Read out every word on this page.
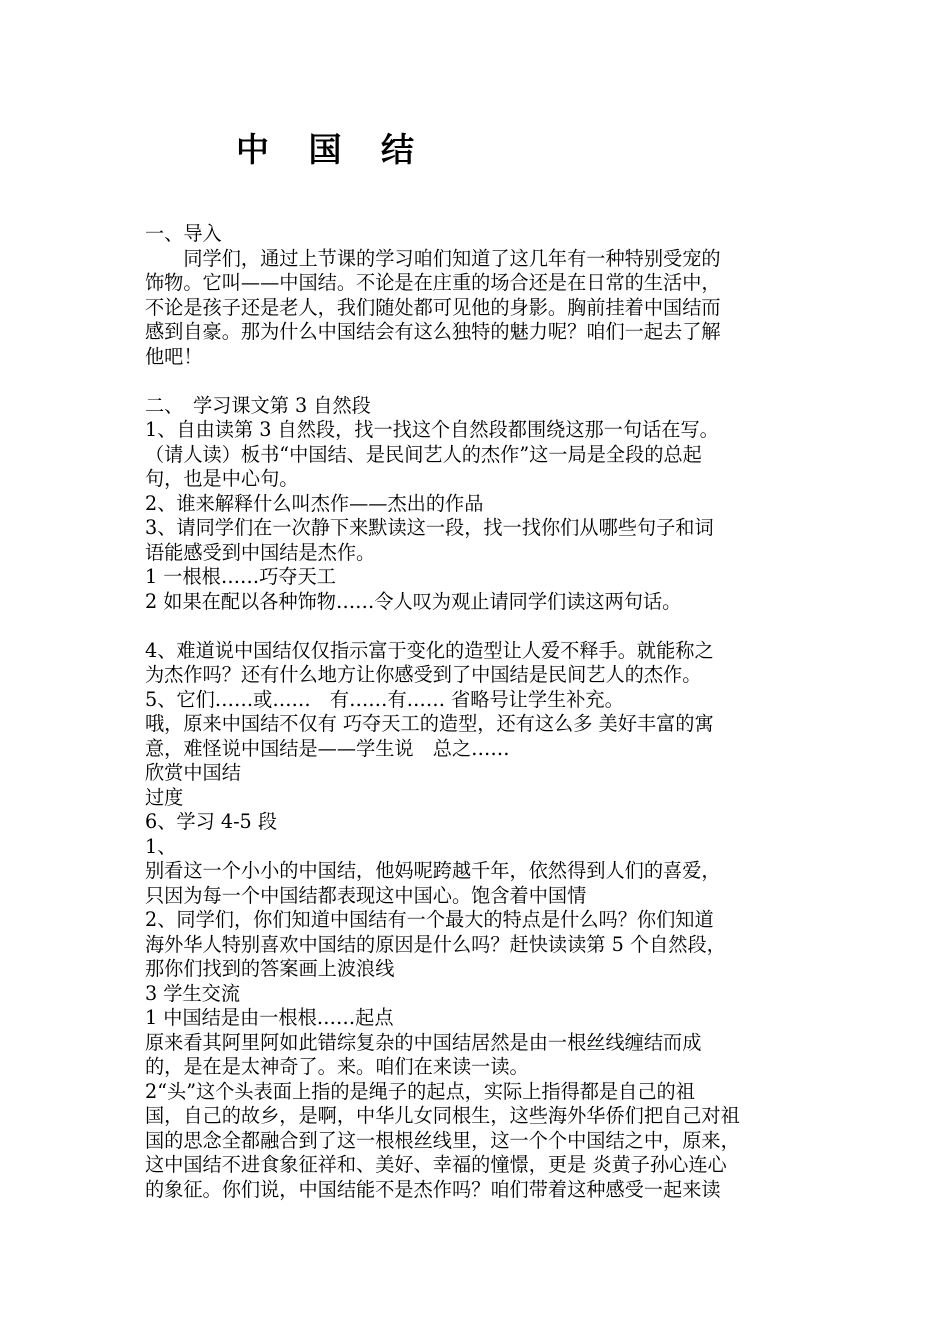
中 国 结
一、导入
　　同学们，通过上节课的学习咱们知道了这几年有一种特别受宠的
饰物。它叫——中国结。不论是在庄重的场合还是在日常的生活中，
不论是孩子还是老人，我们随处都可见他的身影。胸前挂着中国结而
感到自豪。那为什么中国结会有这么独特的魅力呢？咱们一起去了解
他吧！
二、　学习课文第 3 自然段
1、自由读第 3 自然段，找一找这个自然段都围绕这那一句话在写。
（请人读）板书“中国结、是民间艺人的杰作”这一局是全段的总起
句，也是中心句。
2、谁来解释什么叫杰作——杰出的作品
3、请同学们在一次静下来默读这一段，找一找你们从哪些句子和词
语能感受到中国结是杰作。
1 一根根……巧夺天工
2 如果在配以各种饰物……令人叹为观止请同学们读这两句话。
4、难道说中国结仅仅指示富于变化的造型让人爱不释手。就能称之
为杰作吗？还有什么地方让你感受到了中国结是民间艺人的杰作。
5、它们……或……　有……有…… 省略号让学生补充。
哦，原来中国结不仅有 巧夺天工的造型，还有这么多 美好丰富的寓
意，难怪说中国结是——学生说　总之……
欣赏中国结
过度
6、学习 4-5 段
1、
别看这一个小小的中国结，他妈呢跨越千年，依然得到人们的喜爱，
只因为每一个中国结都表现这中国心。饱含着中国情
2、同学们，你们知道中国结有一个最大的特点是什么吗？你们知道
海外华人特别喜欢中国结的原因是什么吗？赶快读读第 5 个自然段，
那你们找到的答案画上波浪线
3 学生交流
1 中国结是由一根根……起点
原来看其阿里阿如此错综复杂的中国结居然是由一根丝线缠结而成
的，是在是太神奇了。来。咱们在来读一读。
2“头”这个头表面上指的是绳子的起点，实际上指得都是自己的祖
国，自己的故乡，是啊，中华儿女同根生，这些海外华侨们把自己对祖
国的思念全都融合到了这一根根丝线里，这一个个中国结之中，原来，
这中国结不进食象征祥和、美好、幸福的憧憬，更是 炎黄子孙心连心
的象征。你们说，中国结能不是杰作吗？咱们带着这种感受一起来读
